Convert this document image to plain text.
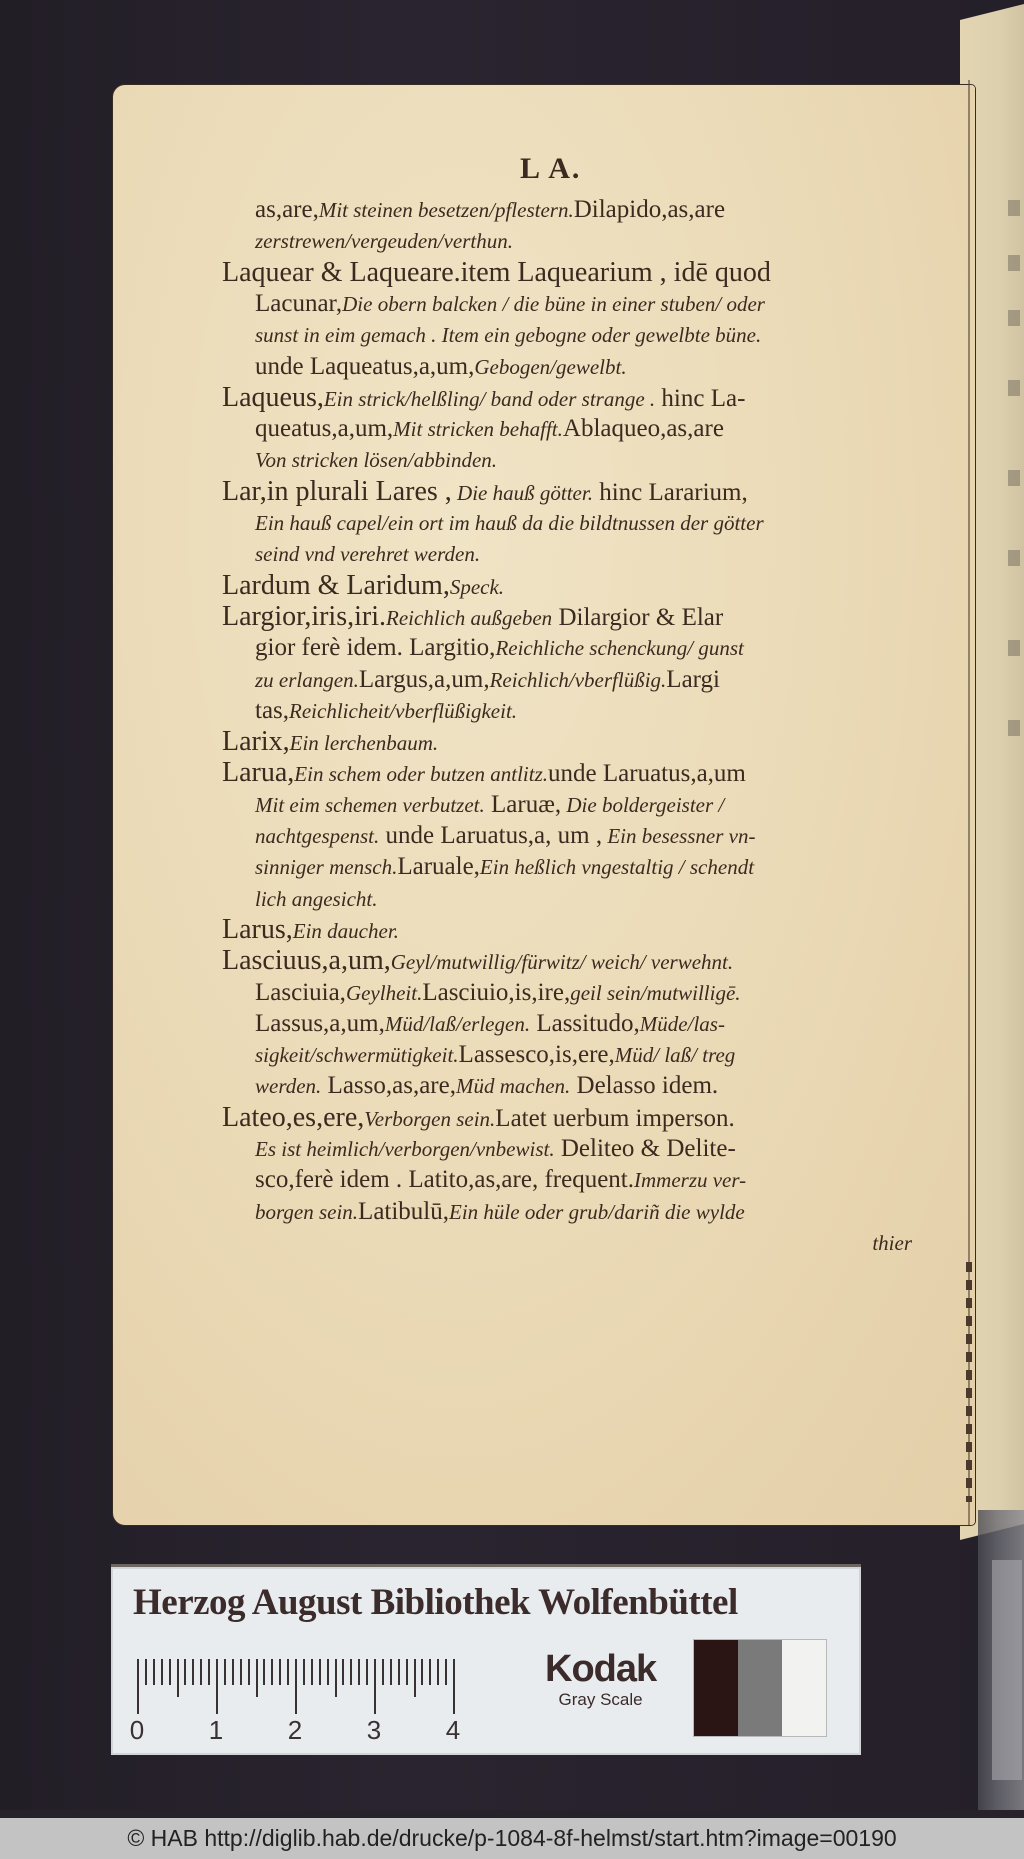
L A.
as,are,Mit steinen besetzen/pflestern.Dilapido,as,are
zerstrewen/vergeuden/verthun.
Laquear & Laqueare.item Laquearium , idē quod
Lacunar,Die obern balcken / die büne in einer stuben/ oder
sunst in eim gemach . Item ein gebogne oder gewelbte büne.
unde Laqueatus,a,um,Gebogen/gewelbt.
Laqueus,Ein strick/helßling/ band oder strange . hinc La-
queatus,a,um,Mit stricken behafft.Ablaqueo,as,are
Von stricken lösen/abbinden.
Lar,in plurali Lares , Die hauß götter. hinc Lararium,
Ein hauß capel/ein ort im hauß da die bildtnussen der götter
seind vnd verehret werden.
Lardum & Laridum,Speck.
Largior,iris,iri.Reichlich außgeben Dilargior & Elar
gior ferè idem. Largitio,Reichliche schenckung/ gunst
zu erlangen.Largus,a,um,Reichlich/vberflüßig.Largi
tas,Reichlicheit/vberflüßigkeit.
Larix,Ein lerchenbaum.
Larua,Ein schem oder butzen antlitz.unde Laruatus,a,um
Mit eim schemen verbutzet. Laruæ, Die boldergeister /
nachtgespenst. unde Laruatus,a, um , Ein besessner vn-
sinniger mensch.Laruale,Ein heßlich vngestaltig / schendt
lich angesicht.
Larus,Ein daucher.
Lasciuus,a,um,Geyl/mutwillig/fürwitz/ weich/ verwehnt.
Lasciuia,Geylheit.Lasciuio,is,ire,geil sein/mutwilligē.
Lassus,a,um,Müd/laß/erlegen. Lassitudo,Müde/las-
sigkeit/schwermütigkeit.Lassesco,is,ere,Müd/ laß/ treg
werden. Lasso,as,are,Müd machen. Delasso idem.
Lateo,es,ere,Verborgen sein.Latet uerbum imperson.
Es ist heimlich/verborgen/vnbewist. Deliteo & Delite-
sco,ferè idem . Latito,as,are, frequent.Immerzu ver-
borgen sein.Latibulū,Ein hüle oder grub/dariñ die wylde
thier
Herzog August Bibliothek Wolfenbüttel
0 1 2 3 4
Kodak
Gray Scale
© HAB http://diglib.hab.de/drucke/p-1084-8f-helmst/start.htm?image=00190
